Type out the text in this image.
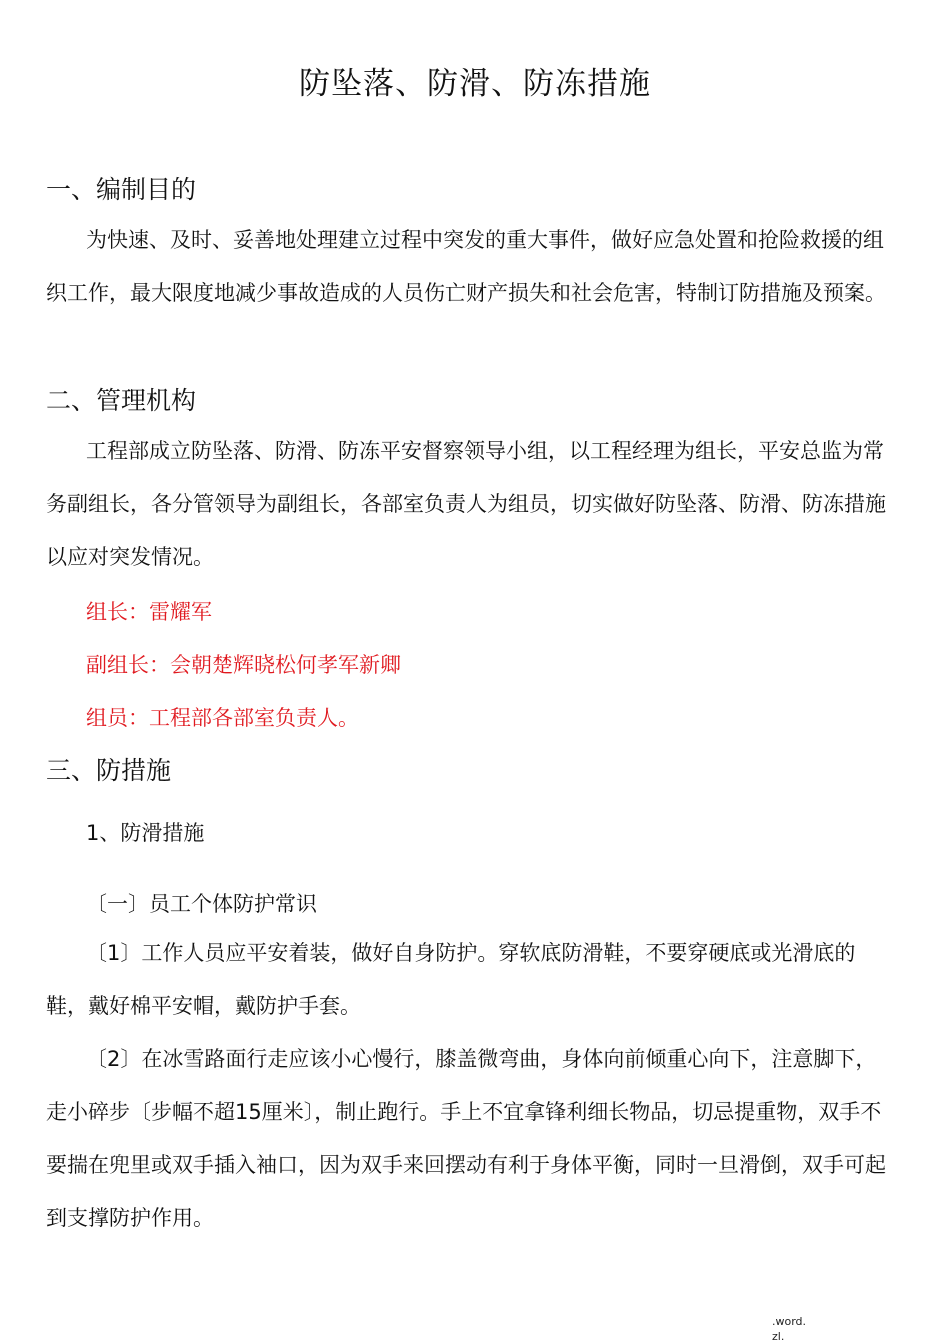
防坠落、防滑、防冻措施
一、编制目的

为快速、及时、妥善地处理建立过程中突发的重大事件，做好应急处置和抢险救援的组织工作，最大限度地减少事故造成的人员伤亡财产损失和社会危害，特制订防措施及预案。

二、管理机构

工程部成立防坠落、防滑、防冻平安督察领导小组，以工程经理为组长，平安总监为常务副组长，各分管领导为副组长，各部室负责人为组员，切实做好防坠落、防滑、防冻措施以应对突发情况。

组长：雷耀军

副组长：会朝楚辉晓松何孝军新卿

组员：工程部各部室负责人。

三、防措施

1、防滑措施

〔一〕员工个体防护常识

〔1〕工作人员应平安着装，做好自身防护。穿软底防滑鞋，不要穿硬底或光滑底的鞋，戴好棉平安帽，戴防护手套。

〔2〕在冰雪路面行走应该小心慢行，膝盖微弯曲，身体向前倾重心向下，注意脚下，走小碎步〔步幅不超15厘米〕，制止跑行。手上不宜拿锋利细长物品，切忌提重物，双手不要揣在兜里或双手插入袖口，因为双手来回摆动有利于身体平衡，同时一旦滑倒，双手可起到支撑防护作用。

.word.
zl.
